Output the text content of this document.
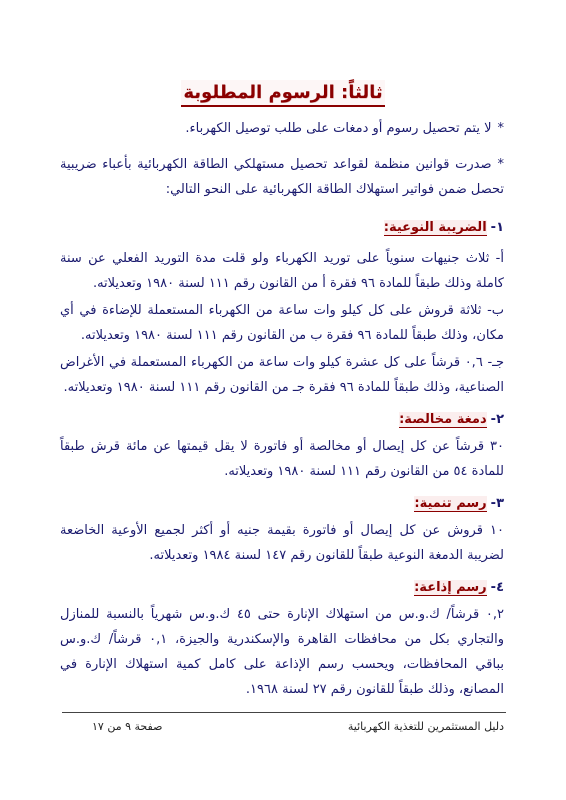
ثالثاً: الرسوم المطلوبة
* لا يتم تحصيل رسوم أو دمغات على طلب توصيل الكهرباء.
* صدرت قوانين منظمة لقواعد تحصيل مستهلكي الطاقة الكهربائية بأعباء ضريبية تحصل ضمن فواتير استهلاك الطاقة الكهربائية على النحو التالي:
١-الضريبة النوعية:
أ- ثلاث جنيهات سنوياً على توريد الكهرباء ولو قلت مدة التوريد الفعلي عن سنة كاملة وذلك طبقاً للمادة ٩٦ فقرة أ من القانون رقم ١١١ لسنة ١٩٨٠ وتعديلاته.
ب- ثلاثة قروش على كل كيلو وات ساعة من الكهرباء المستعملة للإضاءة في أي مكان، وذلك طبقاً للمادة ٩٦ فقرة ب من القانون رقم ١١١ لسنة ١٩٨٠ وتعديلاته.
جـ- ٠,٦ قرشاً على كل عشرة كيلو وات ساعة من الكهرباء المستعملة في الأغراض الصناعية، وذلك طبقاً للمادة ٩٦ فقرة جـ من القانون رقم ١١١ لسنة ١٩٨٠ وتعديلاته.
٢-دمغة مخالصة:
٣٠ قرشاً عن كل إيصال أو مخالصة أو فاتورة لا يقل قيمتها عن مائة قرش طبقاً للمادة ٥٤ من القانون رقم ١١١ لسنة ١٩٨٠ وتعديلاته.
٣-رسم تنمية:
١٠ قروش عن كل إيصال أو فاتورة بقيمة جنيه أو أكثر لجميع الأوعية الخاضعة لضريبة الدمغة النوعية طبقاً للقانون رقم ١٤٧ لسنة ١٩٨٤ وتعديلاته.
٤-رسم إذاعة:
٠,٢ قرشاً/ ك.و.س من استهلاك الإنارة حتى ٤٥ ك.و.س شهرياً بالنسبة للمنازل والتجاري بكل من محافظات القاهرة والإسكندرية والجيزة، ٠,١ قرشاً/ ك.و.س بباقي المحافظات، ويحسب رسم الإذاعة على كامل كمية استهلاك الإنارة في المصانع، وذلك طبقاً للقانون رقم ٢٧ لسنة ١٩٦٨.
دليل المستثمرين للتغذية الكهربائية
صفحة ٩ من ١٧
